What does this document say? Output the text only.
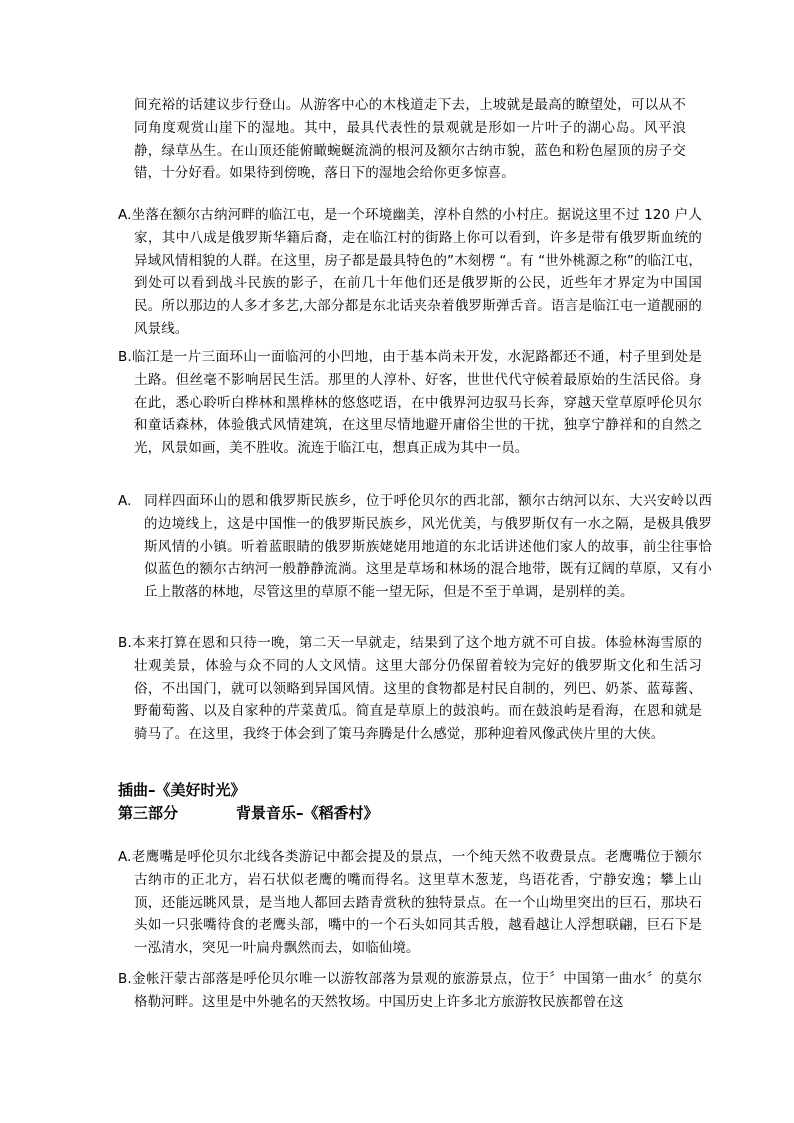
间充裕的话建议步行登山。从游客中心的木栈道走下去，上坡就是最高的瞭望处，可以从不同角度观赏山崖下的湿地。其中，最具代表性的景观就是形如一片叶子的湖心岛。风平浪静，绿草丛生。在山顶还能俯瞰蜿蜒流淌的根河及额尔古纳市貌，蓝色和粉色屋顶的房子交错，十分好看。如果待到傍晚，落日下的湿地会给你更多惊喜。
A.坐落在额尔古纳河畔的临江屯，是一个环境幽美，淳朴自然的小村庄。据说这里不过 120 户人家，其中八成是俄罗斯华籍后裔，走在临江村的街路上你可以看到，许多是带有俄罗斯血统的异域风情相貌的人群。在这里，房子都是最具特色的”木刻楞 “。有 “世外桃源之称”的临江屯，到处可以看到战斗民族的影子，在前几十年他们还是俄罗斯的公民，近些年才界定为中国国民。所以那边的人多才多艺,大部分都是东北话夹杂着俄罗斯弹舌音。语言是临江屯一道靓丽的风景线。
B.临江是一片三面环山一面临河的小凹地，由于基本尚未开发，水泥路都还不通，村子里到处是土路。但丝毫不影响居民生活。那里的人淳朴、好客，世世代代守候着最原始的生活民俗。身在此，悉心聆听白桦林和黑桦林的悠悠呓语，在中俄界河边驭马长奔，穿越天堂草原呼伦贝尔和童话森林，体验俄式风情建筑，在这里尽情地避开庸俗尘世的干扰，独享宁静祥和的自然之光，风景如画，美不胜收。流连于临江屯，想真正成为其中一员。
A. 同样四面环山的恩和俄罗斯民族乡，位于呼伦贝尔的西北部，额尔古纳河以东、大兴安岭以西的边境线上，这是中国惟一的俄罗斯民族乡，风光优美，与俄罗斯仅有一水之隔，是极具俄罗斯风情的小镇。听着蓝眼睛的俄罗斯族姥姥用地道的东北话讲述他们家人的故事，前尘往事恰似蓝色的额尔古纳河一般静静流淌。这里是草场和林场的混合地带，既有辽阔的草原，又有小丘上散落的林地，尽管这里的草原不能一望无际，但是不至于单调，是别样的美。
B.本来打算在恩和只待一晚，第二天一早就走，结果到了这个地方就不可自拔。体验林海雪原的壮观美景，体验与众不同的人文风情。这里大部分仍保留着较为完好的俄罗斯文化和生活习俗，不出国门，就可以领略到异国风情。这里的食物都是村民自制的，列巴、奶茶、蓝莓酱、野葡萄酱、以及自家种的芹菜黄瓜。简直是草原上的鼓浪屿。而在鼓浪屿是看海，在恩和就是骑马了。在这里，我终于体会到了策马奔腾是什么感觉，那种迎着风像武侠片里的大侠。
插曲–《美好时光》
第三部分	背景音乐–《稻香村》
A.老鹰嘴是呼伦贝尔北线各类游记中都会提及的景点，一个纯天然不收费景点。老鹰嘴位于额尔古纳市的正北方，岩石状似老鹰的嘴而得名。这里草木葱茏，鸟语花香，宁静安逸；攀上山顶，还能远眺风景，是当地人都回去踏青赏秋的独特景点。在一个山坳里突出的巨石，那块石头如一只张嘴待食的老鹰头部，嘴中的一个石头如同其舌般，越看越让人浮想联翩，巨石下是一泓清水，突见一叶扁舟飘然而去，如临仙境。
B.金帐汗蒙古部落是呼伦贝尔唯一以游牧部落为景观的旅游景点，位于〞中国第一曲水〞的莫尔格勒河畔。这里是中外驰名的天然牧场。中国历史上许多北方旅游牧民族都曾在这
